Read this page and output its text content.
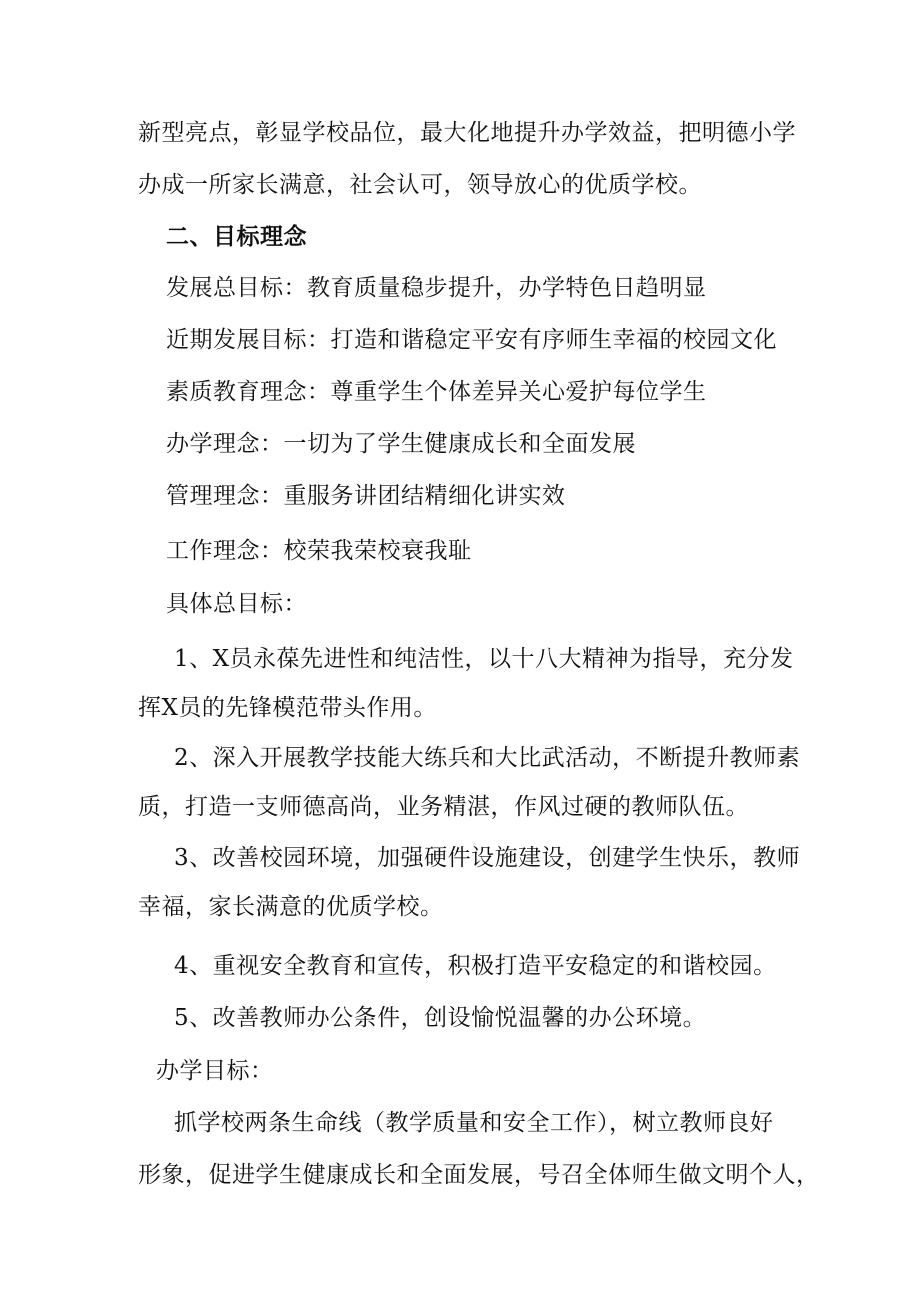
新型亮点，彰显学校品位，最大化地提升办学效益，把明德小学
办成一所家长满意，社会认可，领导放心的优质学校。
二、目标理念
发展总目标：教育质量稳步提升，办学特色日趋明显
近期发展目标：打造和谐稳定平安有序师生幸福的校园文化
素质教育理念：尊重学生个体差异关心爱护每位学生
办学理念：一切为了学生健康成长和全面发展
管理理念：重服务讲团结精细化讲实效
工作理念：校荣我荣校衰我耻
具体总目标：
1、X员永葆先进性和纯洁性，以十八大精神为指导，充分发
挥X员的先锋模范带头作用。
2、深入开展教学技能大练兵和大比武活动，不断提升教师素
质，打造一支师德高尚，业务精湛，作风过硬的教师队伍。
3、改善校园环境，加强硬件设施建设，创建学生快乐，教师
幸福，家长满意的优质学校。
4、重视安全教育和宣传，积极打造平安稳定的和谐校园。
5、改善教师办公条件，创设愉悦温馨的办公环境。
办学目标：
抓学校两条生命线（教学质量和安全工作），树立教师良好
形象，促进学生健康成长和全面发展，号召全体师生做文明个人，
